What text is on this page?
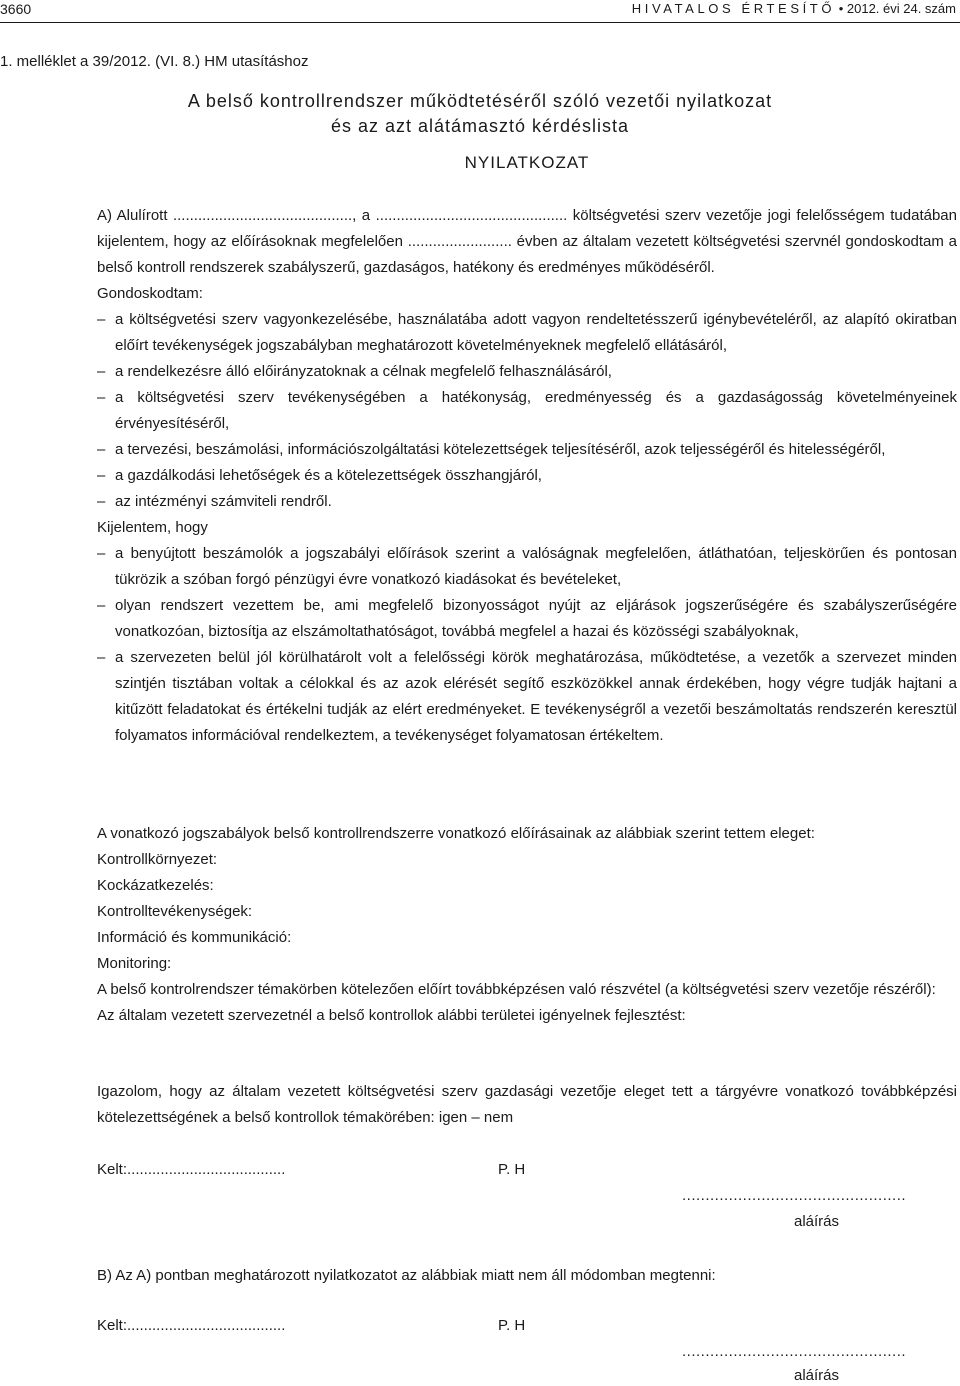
3660	HIVATALOS ÉRTESÍTŐ • 2012. évi 24. szám
1. melléklet a 39/2012. (VI. 8.) HM utasításhoz
A belső kontrollrendszer működtetéséről szóló vezetői nyilatkozat
és az azt alátámasztó kérdéslista
NYILATKOZAT

A) Alulírott ..........................................., a .............................................. költségvetési szerv vezetője jogi felelősségem tudatában kijelentem, hogy az előírásoknak megfelelően ......................... évben az általam vezetett költségvetési szervnél gondoskodtam a belső kontroll rendszerek szabályszerű, gazdaságos, hatékony és eredményes működéséről.

Gondoskodtam:

– a költségvetési szerv vagyonkezelésébe, használatába adott vagyon rendeltetésszerű igénybevételéről, az alapító okiratban előírt tevékenységek jogszabályban meghatározott követelményeknek megfelelő ellátásáról,

– a rendelkezésre álló előirányzatoknak a célnak megfelelő felhasználásáról,

– a költségvetési szerv tevékenységében a hatékonyság, eredményesség és a gazdaságosság követelményeinek érvényesítéséről,

– a tervezési, beszámolási, információszolgáltatási kötelezettségek teljesítéséről, azok teljességéről és hitelességéről,

– a gazdálkodási lehetőségek és a kötelezettségek összhangjáról,

– az intézményi számviteli rendről.

Kijelentem, hogy

– a benyújtott beszámolók a jogszabályi előírások szerint a valóságnak megfelelően, átláthatóan, teljeskörűen és pontosan tükrözik a szóban forgó pénzügyi évre vonatkozó kiadásokat és bevételeket,

– olyan rendszert vezettem be, ami megfelelő bizonyosságot nyújt az eljárások jogszerűségére és szabályszerűségére vonatkozóan, biztosítja az elszámoltathatóságot, továbbá megfelel a hazai és közösségi szabályoknak,

– a szervezeten belül jól körülhatárolt volt a felelősségi körök meghatározása, működtetése, a vezetők a szervezet minden szintjén tisztában voltak a célokkal és az azok elérését segítő eszközökkel annak érdekében, hogy végre tudják hajtani a kitűzött feladatokat és értékelni tudják az elért eredményeket. E tevékenységről a vezetői beszámoltatás rendszerén keresztül folyamatos információval rendelkeztem, a tevékenységet folyamatosan értékeltem.

A vonatkozó jogszabályok belső kontrollrendszerre vonatkozó előírásainak az alábbiak szerint tettem eleget:

Kontrollkörnyezet:

Kockázatkezelés:

Kontrolltevékenységek:

Információ és kommunikáció:

Monitoring:

A belső kontrolrendszer témakörben kötelezően előírt továbbképzésen való részvétel (a költségvetési szerv vezetője részéről):

Az általam vezetett szervezetnél a belső kontrollok alábbi területei igényelnek fejlesztést:

Igazolom, hogy az általam vezetett költségvetési szerv gazdasági vezetője eleget tett a tárgyévre vonatkozó továbbképzési kötelezettségének a belső kontrollok témakörében: igen – nem

Kelt:......................................	P. H
................................................
aláírás

B) Az A) pontban meghatározott nyilatkozatot az alábbiak miatt nem áll módomban megtenni:

Kelt:......................................	P. H
................................................
aláírás
